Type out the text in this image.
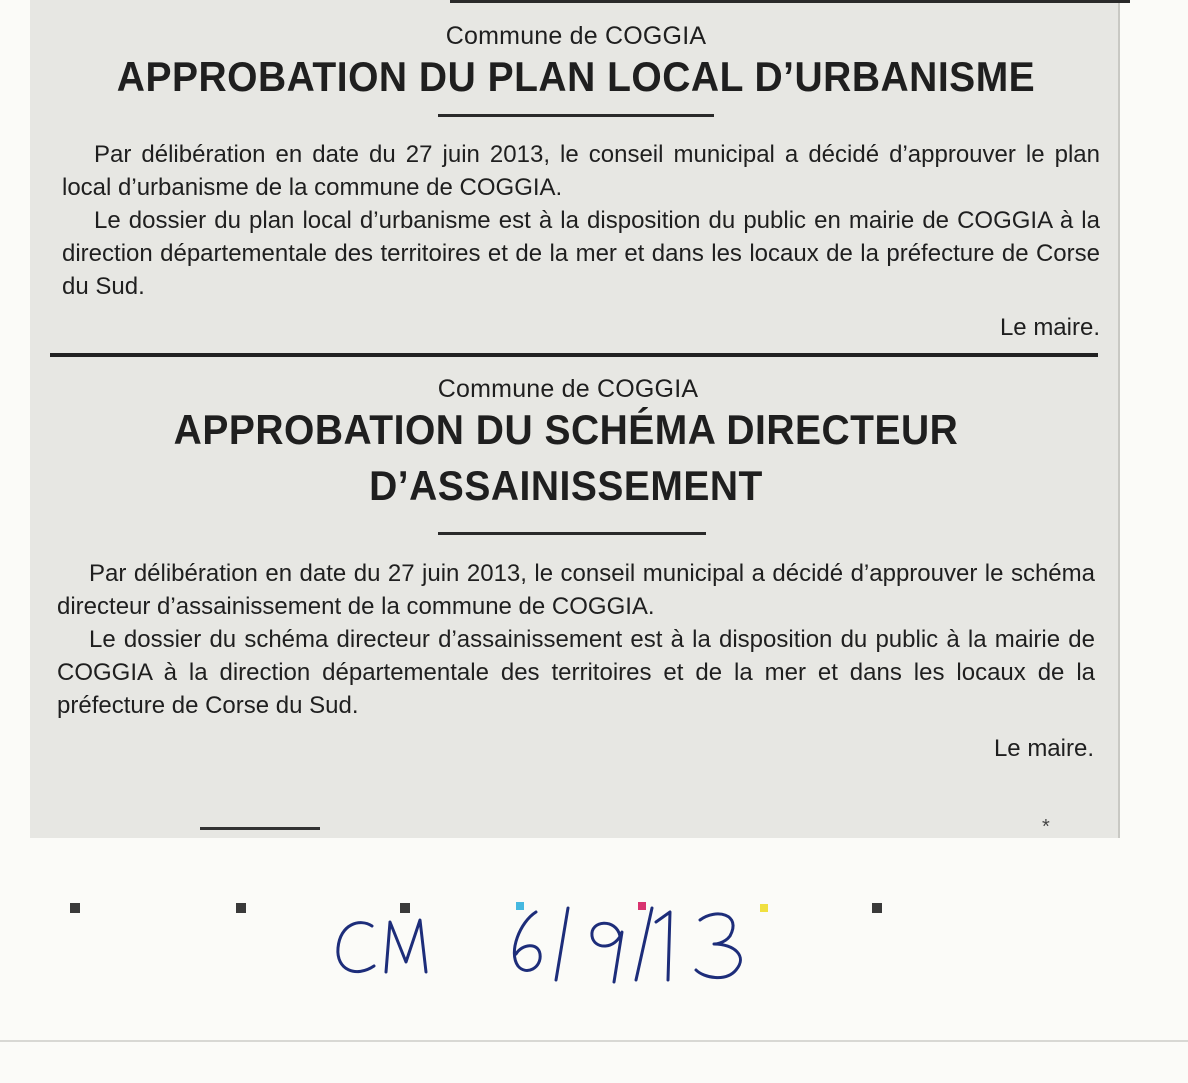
Commune de COGGIA
APPROBATION DU PLAN LOCAL D’URBANISME

Par délibération en date du 27 juin 2013, le conseil municipal a décidé d’approuver le plan local d’urbanisme de la commune de COGGIA.

Le dossier du plan local d’urbanisme est à la disposition du public en mairie de COGGIA à la direction départementale des territoires et de la mer et dans les locaux de la préfecture de Corse du Sud.

Le maire.
Commune de COGGIA
APPROBATION DU SCHÉMA DIRECTEUR
D’ASSAINISSEMENT

Par délibération en date du 27 juin 2013, le conseil municipal a décidé d’approuver le schéma directeur d’assainissement de la commune de COGGIA.

Le dossier du schéma directeur d’assainissement est à la disposition du public à la mairie de COGGIA à la direction départementale des territoires et de la mer et dans les locaux de la préfecture de Corse du Sud.

Le maire.
*
